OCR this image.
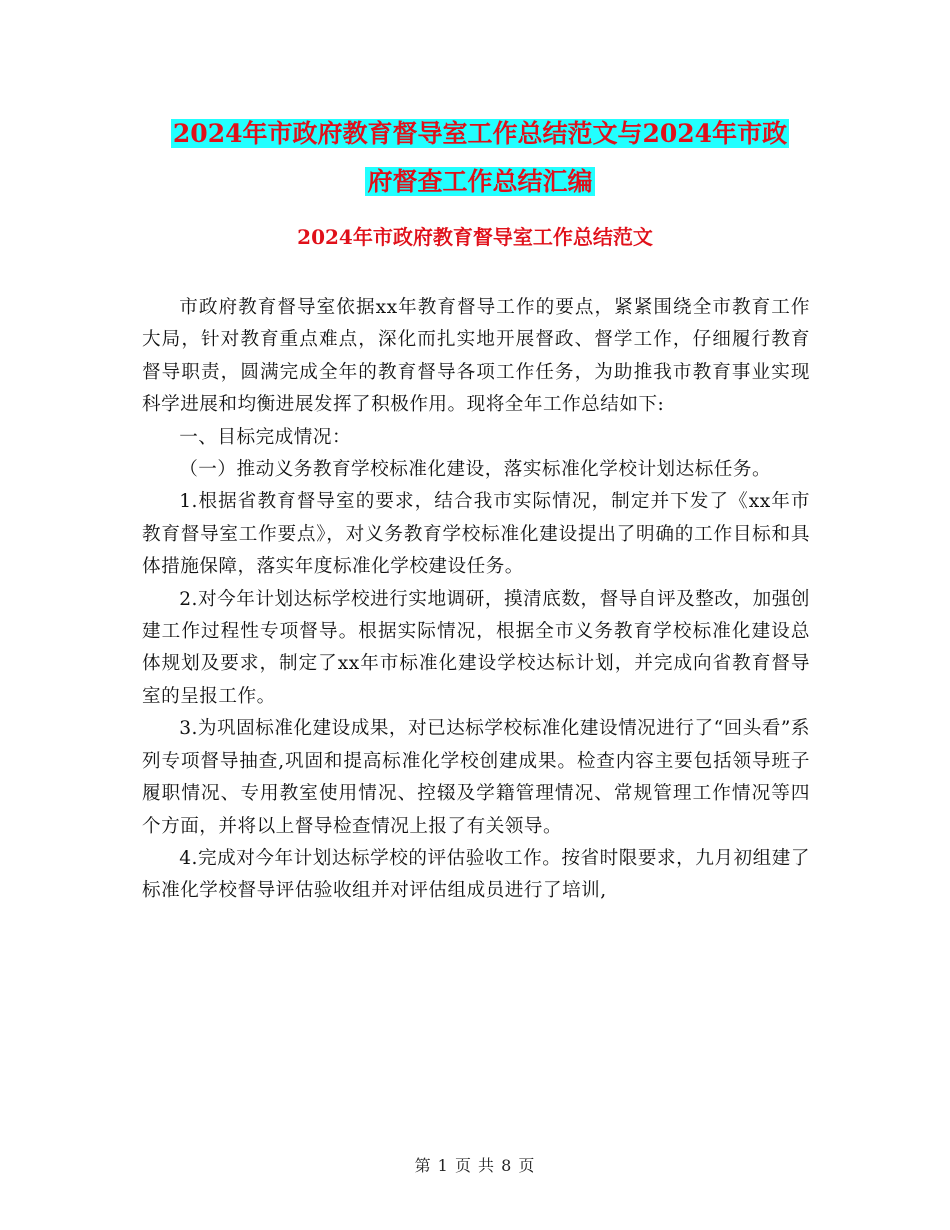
2024年市政府教育督导室工作总结范文与2024年市政
府督查工作总结汇编
2024年市政府教育督导室工作总结范文

市政府教育督导室依据xx年教育督导工作的要点，紧紧围绕全市教育工作大局，针对教育重点难点，深化而扎实地开展督政、督学工作，仔细履行教育督导职责，圆满完成全年的教育督导各项工作任务，为助推我市教育事业实现科学进展和均衡进展发挥了积极作用。现将全年工作总结如下:

一、目标完成情况：

（一）推动义务教育学校标准化建设，落实标准化学校计划达标任务。

1.根据省教育督导室的要求，结合我市实际情况，制定并下发了《xx年市教育督导室工作要点》，对义务教育学校标准化建设提出了明确的工作目标和具体措施保障，落实年度标准化学校建设任务。

2.对今年计划达标学校进行实地调研，摸清底数，督导自评及整改，加强创建工作过程性专项督导。根据实际情况，根据全市义务教育学校标准化建设总体规划及要求，制定了xx年市标准化建设学校达标计划，并完成向省教育督导室的呈报工作。

3.为巩固标准化建设成果，对已达标学校标准化建设情况进行了“回头看”系列专项督导抽查,巩固和提高标准化学校创建成果。检查内容主要包括领导班子履职情况、专用教室使用情况、控辍及学籍管理情况、常规管理工作情况等四个方面，并将以上督导检查情况上报了有关领导。

4.完成对今年计划达标学校的评估验收工作。按省时限要求，九月初组建了标准化学校督导评估验收组并对评估组成员进行了培训,

第 1 页 共 8 页
